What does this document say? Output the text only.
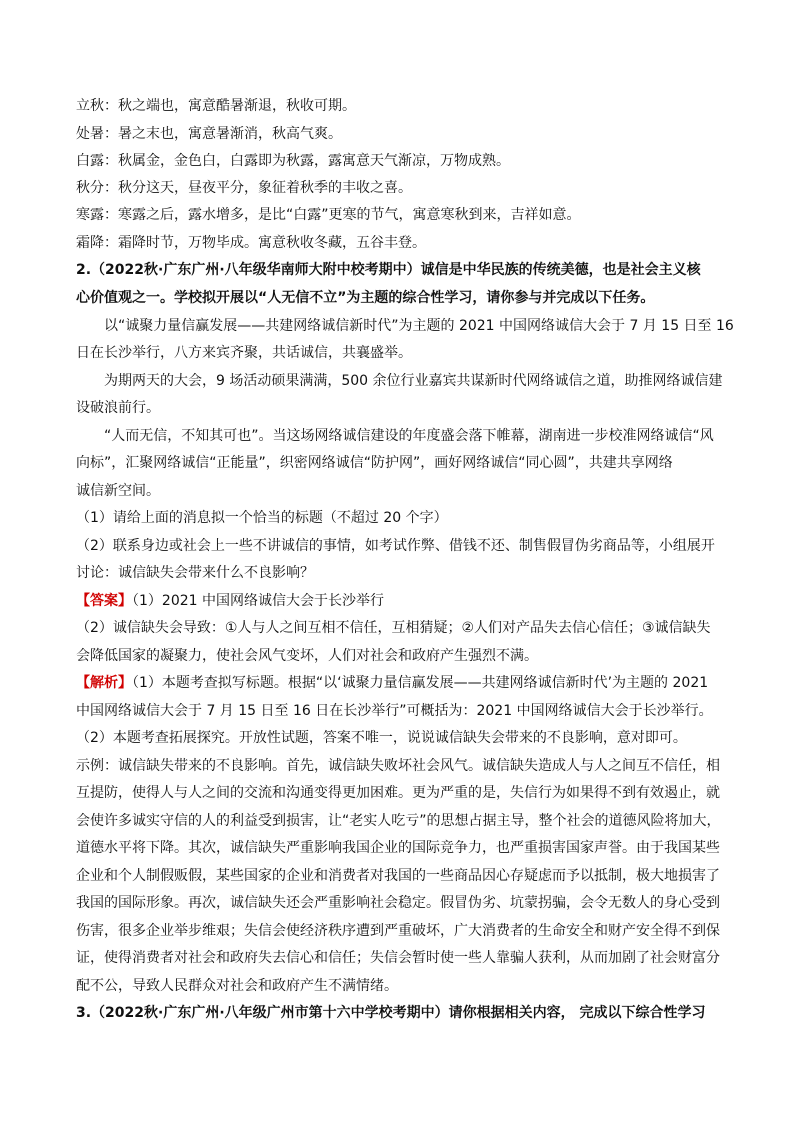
立秋：秋之端也，寓意酷暑渐退，秋收可期。
处暑：暑之末也，寓意暑渐消，秋高气爽。
白露：秋属金，金色白，白露即为秋露，露寓意天气渐凉，万物成熟。
秋分：秋分这天，昼夜平分，象征着秋季的丰收之喜。
寒露：寒露之后，露水增多，是比“白露”更寒的节气，寓意寒秋到来，吉祥如意。
霜降：霜降时节，万物毕成。寓意秋收冬藏，五谷丰登。
2.（2022秋·广东广州·八年级华南师大附中校考期中）诚信是中华民族的传统美德，也是社会主义核
心价值观之一。学校拟开展以“人无信不立”为主题的综合性学习，请你参与并完成以下任务。
以“诚聚力量信赢发展——共建网络诚信新时代”为主题的 2021 中国网络诚信大会于 7 月 15 日至 16
日在长沙举行，八方来宾齐聚，共话诚信，共襄盛举。
为期两天的大会，9 场活动硕果满满，500 余位行业嘉宾共谋新时代网络诚信之道，助推网络诚信建
设破浪前行。
“人而无信，不知其可也”。当这场网络诚信建设的年度盛会落下帷幕，湖南进一步校准网络诚信“风
向标”，汇聚网络诚信“正能量”，织密网络诚信“防护网”，画好网络诚信“同心圆”，共建共享网络
诚信新空间。
（1）请给上面的消息拟一个恰当的标题（不超过 20 个字）
（2）联系身边或社会上一些不讲诚信的事情，如考试作弊、借钱不还、制售假冒伪劣商品等，小组展开
讨论：诚信缺失会带来什么不良影响？
【答案】（1）2021 中国网络诚信大会于长沙举行
（2）诚信缺失会导致：①人与人之间互相不信任，互相猜疑；②人们对产品失去信心信任；③诚信缺失
会降低国家的凝聚力，使社会风气变坏，人们对社会和政府产生强烈不满。
【解析】（1）本题考查拟写标题。根据“以‘诚聚力量信赢发展——共建网络诚信新时代’为主题的 2021
中国网络诚信大会于 7 月 15 日至 16 日在长沙举行”可概括为：2021 中国网络诚信大会于长沙举行。
（2）本题考查拓展探究。开放性试题，答案不唯一，说说诚信缺失会带来的不良影响，意对即可。
示例：诚信缺失带来的不良影响。首先，诚信缺失败坏社会风气。诚信缺失造成人与人之间互不信任，相
互提防，使得人与人之间的交流和沟通变得更加困难。更为严重的是，失信行为如果得不到有效遏止，就
会使许多诚实守信的人的利益受到损害，让“老实人吃亏”的思想占据主导，整个社会的道德风险将加大，
道德水平将下降。其次，诚信缺失严重影响我国企业的国际竞争力，也严重损害国家声誉。由于我国某些
企业和个人制假贩假，某些国家的企业和消费者对我国的一些商品因心存疑虑而予以抵制，极大地损害了
我国的国际形象。再次，诚信缺失还会严重影响社会稳定。假冒伪劣、坑蒙拐骗，会令无数人的身心受到
伤害，很多企业举步维艰；失信会使经济秩序遭到严重破坏，广大消费者的生命安全和财产安全得不到保
证，使得消费者对社会和政府失去信心和信任；失信会暂时使一些人靠骗人获利，从而加剧了社会财富分
配不公，导致人民群众对社会和政府产生不满情绪。
3.（2022秋·广东广州·八年级广州市第十六中学校考期中）请你根据相关内容， 完成以下综合性学习
